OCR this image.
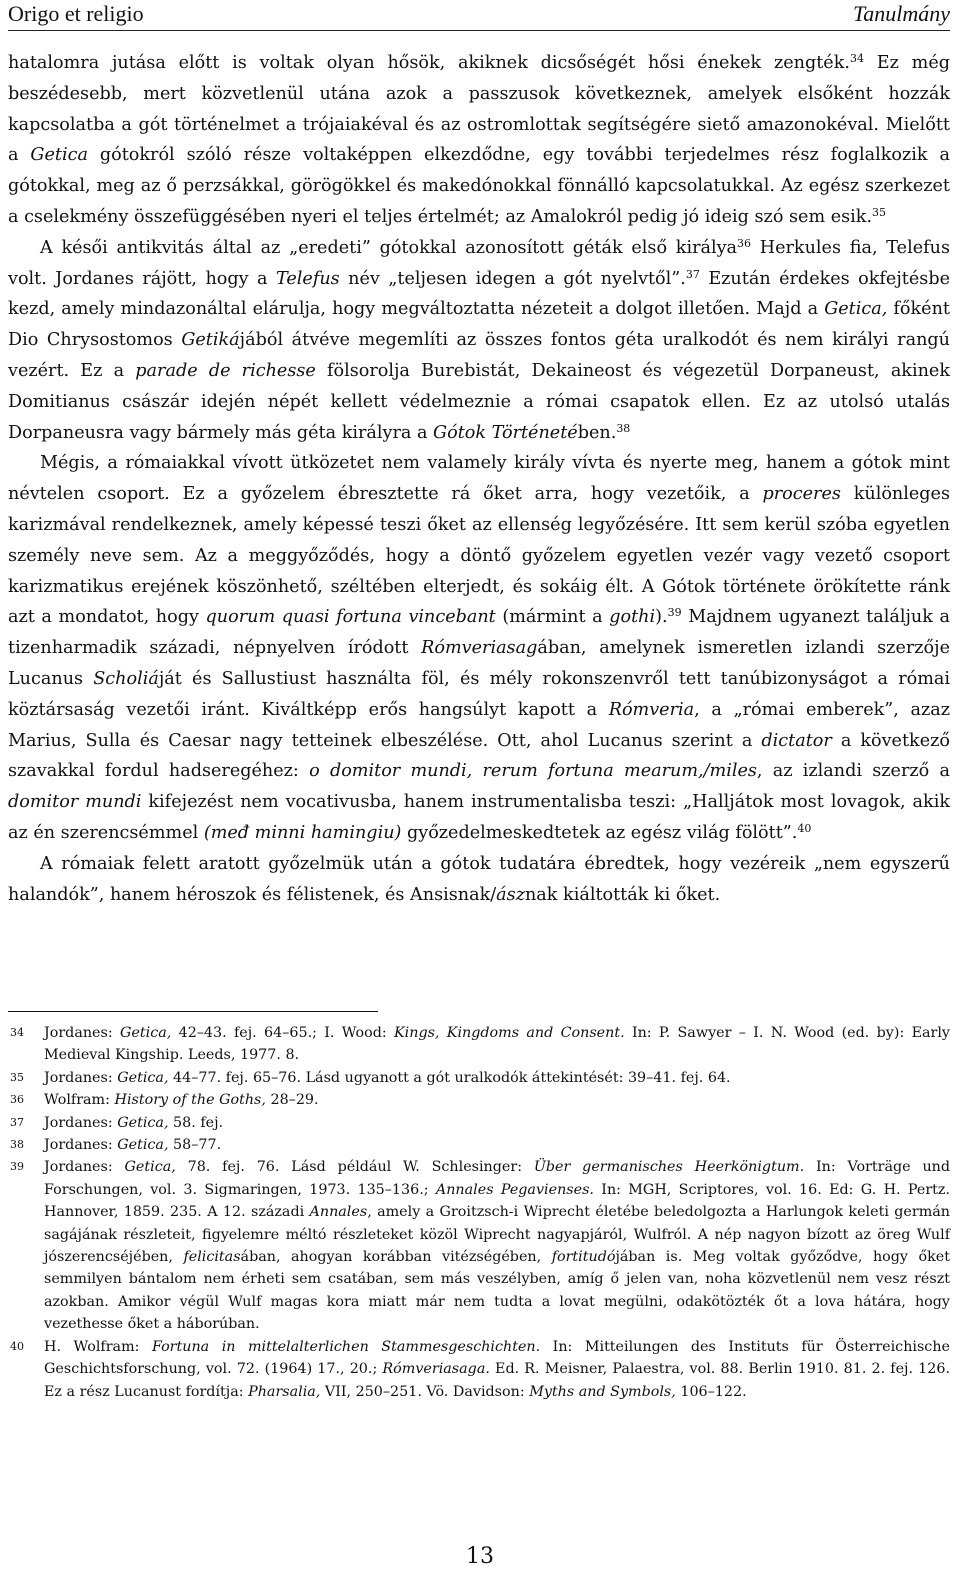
Origo et religio	Tanulmány

hatalomra jutása előtt is voltak olyan hősök, akiknek dicsőségét hősi énekek zengték.$^{34}$ Ez még beszédesebb, mert közvetlenül utána azok a passzusok következnek, amelyek elsőként hozzák kapcsolatba a gót történelmet a trójaiakéval és az ostromlottak segítségére siető amazonokéval. Mielőtt a Getica gótokról szóló része voltaképpen elkezdődne, egy további terjedelmes rész foglalkozik a gótokkal, meg az ő perzsákkal, görögökkel és makedónokkal fönnálló kapcsolatukkal. Az egész szerkezet a cselekmény összefüggésében nyeri el teljes értelmét; az Amalokról pedig jó ideig szó sem esik.$^{35}$

A késői antikvitás által az „eredeti” gótokkal azonosított géták első királya$^{36}$ Herkules fia, Telefus volt. Jordanes rájött, hogy a Telefus név „teljesen idegen a gót nyelvtől”.$^{37}$ Ezután érdekes okfejtésbe kezd, amely mindazonáltal elárulja, hogy megváltoztatta nézeteit a dolgot illetően. Majd a Getica, főként Dio Chrysostomos Getikájából átvéve megemlíti az összes fontos géta uralkodót és nem királyi rangú vezért. Ez a parade de richesse fölsorolja Burebistát, Dekaineost és végezetül Dorpaneust, akinek Domitianus császár idején népét kellett védelmeznie a római csapatok ellen. Ez az utolsó utalás Dorpaneusra vagy bármely más géta királyra a Gótok Történetében.$^{38}$

Mégis, a rómaiakkal vívott ütközetet nem valamely király vívta és nyerte meg, hanem a gótok mint névtelen csoport. Ez a győzelem ébresztette rá őket arra, hogy vezetőik, a proceres különleges karizmával rendelkeznek, amely képessé teszi őket az ellenség legyőzésére. Itt sem kerül szóba egyetlen személy neve sem. Az a meggyőződés, hogy a döntő győzelem egyetlen vezér vagy vezető csoport karizmatikus erejének köszönhető, széltében elterjedt, és sokáig élt. A Gótok története örökítette ránk azt a mondatot, hogy quorum quasi fortuna vincebant (mármint a gothi).$^{39}$ Majdnem ugyanezt találjuk a tizenharmadik századi, népnyelven íródott Rómveriasagában, amelynek ismeretlen izlandi szerzője Lucanus Scholiáját és Sallustiust használta föl, és mély rokonszenvről tett tanúbizonyságot a római köztársaság vezetői iránt. Kiváltképp erős hangsúlyt kapott a Rómveria, a „római emberek”, azaz Marius, Sulla és Caesar nagy tetteinek elbeszélése. Ott, ahol Lucanus szerint a dictator a következő szavakkal fordul hadseregéhez: o domitor mundi, rerum fortuna mearum,/miles, az izlandi szerző a domitor mundi kifejezést nem vocativusba, hanem instrumentalisba teszi: „Halljátok most lovagok, akik az én szerencsémmel (međ minni hamingiu) győzedelmeskedtetek az egész világ fölött”.$^{40}$

A rómaiak felett aratott győzelmük után a gótok tudatára ébredtek, hogy vezéreik „nem egyszerű halandók”, hanem héroszok és félistenek, és Ansisnak/ásznak kiáltották ki őket.

34	Jordanes: Getica, 42–43. fej. 64–65.; I. Wood: Kings, Kingdoms and Consent. In: P. Sawyer – I. N. Wood (ed. by): Early Medieval Kingship. Leeds, 1977. 8.
35	Jordanes: Getica, 44–77. fej. 65–76. Lásd ugyanott a gót uralkodók áttekintését: 39–41. fej. 64.
36	Wolfram: History of the Goths, 28–29.
37	Jordanes: Getica, 58. fej.
38	Jordanes: Getica, 58–77.
39	Jordanes: Getica, 78. fej. 76. Lásd például W. Schlesinger: Über germanisches Heerkönigtum. In: Vorträge und Forschungen, vol. 3. Sigmaringen, 1973. 135–136.; Annales Pegavienses. In: MGH, Scriptores, vol. 16. Ed: G. H. Pertz. Hannover, 1859. 235. A 12. századi Annales, amely a Groitzsch-i Wiprecht életébe beledolgozta a Harlungok keleti germán sagájának részleteit, figyelemre méltó részleteket közöl Wiprecht nagyapjáról, Wulfról. A nép nagyon bízott az öreg Wulf jószerencséjében, felicitasában, ahogyan korábban vitézségében, fortitudójában is. Meg voltak győződve, hogy őket semmilyen bántalom nem érheti sem csatában, sem más veszélyben, amíg ő jelen van, noha közvetlenül nem vesz részt azokban. Amikor végül Wulf magas kora miatt már nem tudta a lovat megülni, odakötözték őt a lova hátára, hogy vezethesse őket a háborúban.
40	H. Wolfram: Fortuna in mittelalterlichen Stammesgeschichten. In: Mitteilungen des Instituts für Österreichische Geschichtsforschung, vol. 72. (1964) 17., 20.; Rómveriasaga. Ed. R. Meisner, Palaestra, vol. 88. Berlin 1910. 81. 2. fej. 126. Ez a rész Lucanust fordítja: Pharsalia, VII, 250–251. Vö. Davidson: Myths and Symbols, 106–122.
13
